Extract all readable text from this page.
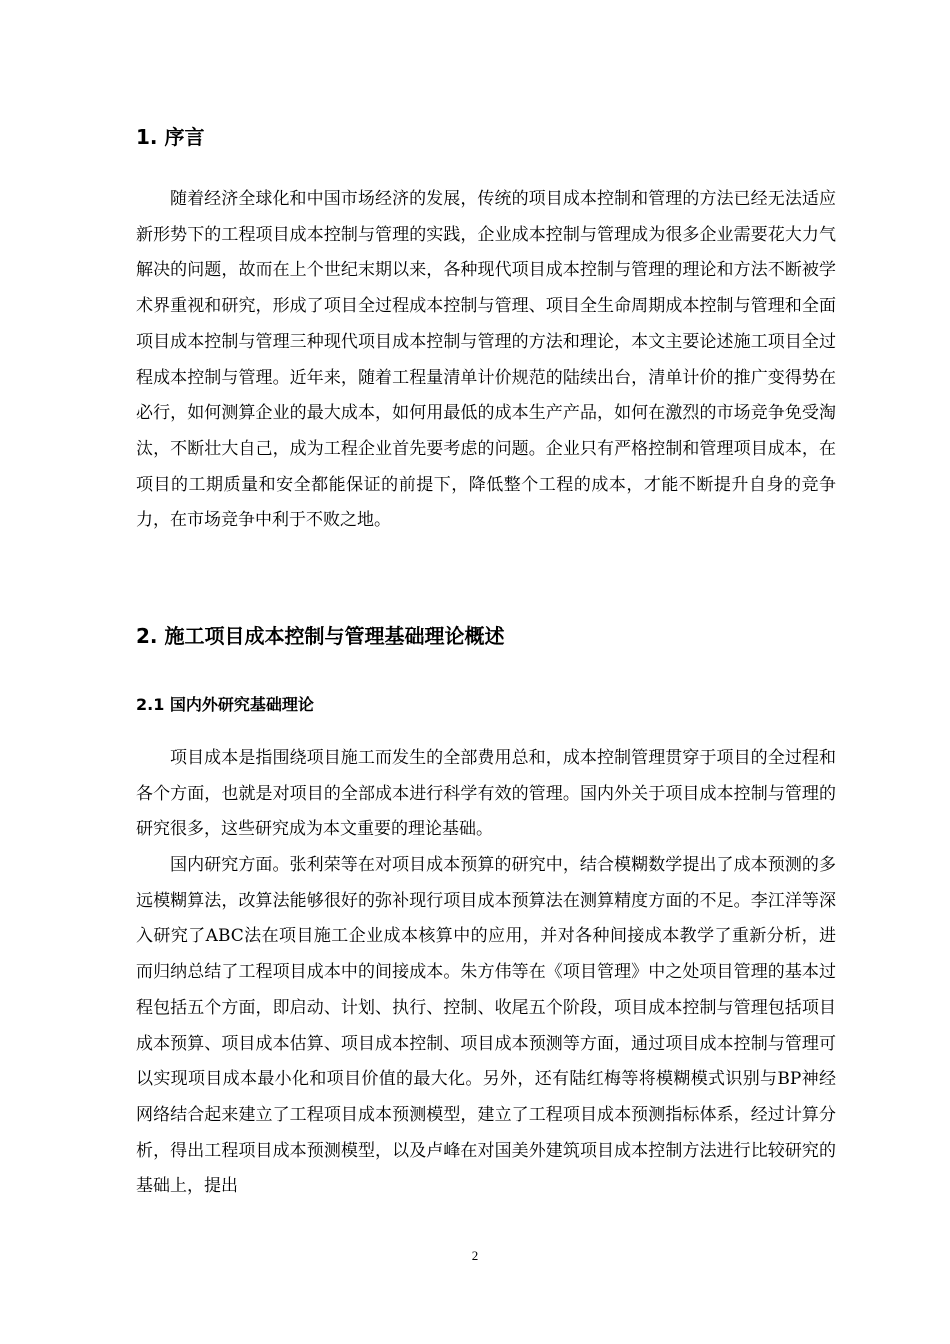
1. 序言

随着经济全球化和中国市场经济的发展，传统的项目成本控制和管理的方法已经无法适应新形势下的工程项目成本控制与管理的实践，企业成本控制与管理成为很多企业需要花大力气解决的问题，故而在上个世纪末期以来，各种现代项目成本控制与管理的理论和方法不断被学术界重视和研究，形成了项目全过程成本控制与管理、项目全生命周期成本控制与管理和全面项目成本控制与管理三种现代项目成本控制与管理的方法和理论，本文主要论述施工项目全过程成本控制与管理。近年来，随着工程量清单计价规范的陆续出台，清单计价的推广变得势在必行，如何测算企业的最大成本，如何用最低的成本生产产品，如何在激烈的市场竞争免受淘汰，不断壮大自己，成为工程企业首先要考虑的问题。企业只有严格控制和管理项目成本，在项目的工期质量和安全都能保证的前提下，降低整个工程的成本，才能不断提升自身的竞争力，在市场竞争中利于不败之地。

2. 施工项目成本控制与管理基础理论概述
2.1 国内外研究基础理论

项目成本是指围绕项目施工而发生的全部费用总和，成本控制管理贯穿于项目的全过程和各个方面，也就是对项目的全部成本进行科学有效的管理。国内外关于项目成本控制与管理的研究很多，这些研究成为本文重要的理论基础。

国内研究方面。张利荣等在对项目成本预算的研究中，结合模糊数学提出了成本预测的多远模糊算法，改算法能够很好的弥补现行项目成本预算法在测算精度方面的不足。李江洋等深入研究了ABC法在项目施工企业成本核算中的应用，并对各种间接成本教学了重新分析，进而归纳总结了工程项目成本中的间接成本。朱方伟等在《项目管理》中之处项目管理的基本过程包括五个方面，即启动、计划、执行、控制、收尾五个阶段，项目成本控制与管理包括项目成本预算、项目成本估算、项目成本控制、项目成本预测等方面，通过项目成本控制与管理可以实现项目成本最小化和项目价值的最大化。另外，还有陆红梅等将模糊模式识别与BP神经网络结合起来建立了工程项目成本预测模型，建立了工程项目成本预测指标体系，经过计算分析，得出工程项目成本预测模型，以及卢峰在对国美外建筑项目成本控制方法进行比较研究的基础上，提出

2
